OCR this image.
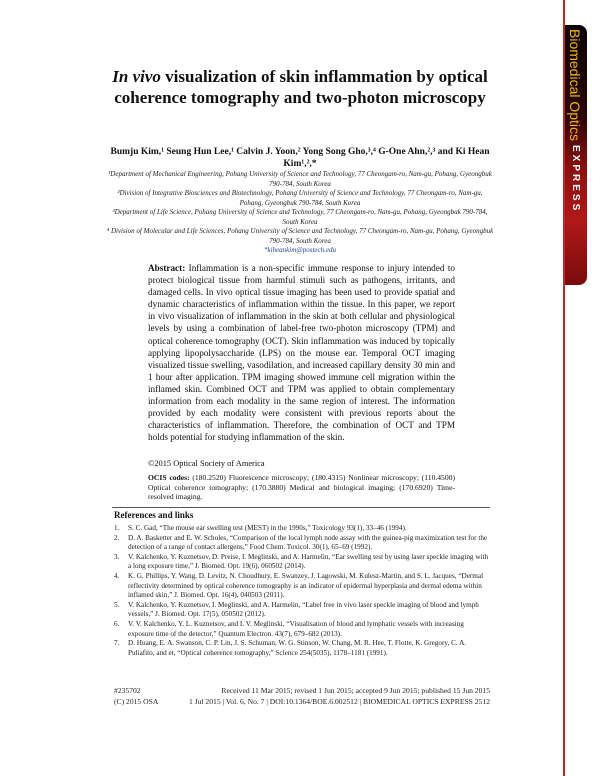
Biomedical OpticsEXPRESS
In vivo visualization of skin inflammation by optical coherence tomography and two-photon microscopy
Bumju Kim,¹ Seung Hun Lee,¹ Calvin J. Yoon,² Yong Song Gho,³,⁴ G-One Ahn,²,³ and Ki Hean Kim¹,²,*
¹Department of Mechanical Engineering, Pohang University of Science and Technology, 77 Cheongam-ro, Nam-gu, Pohang, Gyeongbuk 790-784, South Korea
²Division of Integrative Biosciences and Biotechnology, Pohang University of Science and Technology, 77 Cheongam-ro, Nam-gu, Pohang, Gyeongbuk 790-784, South Korea
³Department of Life Science, Pohang University of Science and Technology, 77 Cheongam-ro, Nam-gu, Pohang, Gyeongbuk 790-784, South Korea
⁴ Division of Molecular and Life Sciences, Pohang University of Science and Technology, 77 Cheongam-ro, Nam-gu, Pohang, Gyeongbuk 790-784, South Korea
*kiheankim@postech.edu
Abstract: Inflammation is a non-specific immune response to injury intended to protect biological tissue from harmful stimuli such as pathogens, irritants, and damaged cells. In vivo optical tissue imaging has been used to provide spatial and dynamic characteristics of inflammation within the tissue. In this paper, we report in vivo visualization of inflammation in the skin at both cellular and physiological levels by using a combination of label-free two-photon microscopy (TPM) and optical coherence tomography (OCT). Skin inflammation was induced by topically applying lipopolysaccharide (LPS) on the mouse ear. Temporal OCT imaging visualized tissue swelling, vasodilation, and increased capillary density 30 min and 1 hour after application. TPM imaging showed immune cell migration within the inflamed skin. Combined OCT and TPM was applied to obtain complementary information from each modality in the same region of interest. The information provided by each modality were consistent with previous reports about the characteristics of inflammation. Therefore, the combination of OCT and TPM holds potential for studying inflammation of the skin.
©2015 Optical Society of America
OCIS codes: (180.2520) Fluorescence microscopy; (180.4315) Nonlinear microscopy; (110.4500) Optical coherence tomography; (170.3880) Medical and biological imaging; (170.6920) Time-resolved imaging.
References and links
1. S. C. Gad, “The mouse ear swelling test (MEST) in the 1990s,” Toxicology 93(1), 33–46 (1994).
2. D. A. Basketter and E. W. Scholes, “Comparison of the local lymph node assay with the guinea-pig maximization test for the detection of a range of contact allergens,” Food Chem. Toxicol. 30(1), 65–69 (1992).
3. V. Kalchenko, Y. Kuznetsov, D. Preise, I. Meglinski, and A. Harmelin, “Ear swelling test by using laser speckle imaging with a long exposure time,” J. Biomed. Opt. 19(6), 060502 (2014).
4. K. G. Phillips, Y. Wang, D. Levitz, N. Choudhury, E. Swanzey, J. Lagowski, M. Kulesz-Martin, and S. L. Jacques, “Dermal reflectivity determined by optical coherence tomography is an indicator of epidermal hyperplasia and dermal edema within inflamed skin,” J. Biomed. Opt. 16(4), 040503 (2011).
5. V. Kalchenko, Y. Kuznetsov, I. Meglinski, and A. Harmelin, “Label free in vivo laser speckle imaging of blood and lymph vessels,” J. Biomed. Opt. 17(5), 050502 (2012).
6. V. V. Kalchenko, Y. L. Kuznetsov, and I. V. Meglinski, “Visualisation of blood and lymphatic vessels with increasing exposure time of the detector,” Quantum Electron. 43(7), 679–682 (2013).
7. D. Huang, E. A. Swanson, C. P. Lin, J. S. Schuman, W. G. Stinson, W. Chang, M. R. Hee, T. Flotte, K. Gregory, C. A. Puliafito, and et, “Optical coherence tomography,” Science 254(5035), 1178–1181 (1991).
#235702	Received 11 Mar 2015; revised 1 Jun 2015; accepted 9 Jun 2015; published 15 Jun 2015
(C) 2015 OSA	1 Jul 2015 | Vol. 6, No. 7 | DOI:10.1364/BOE.6.002512 | BIOMEDICAL OPTICS EXPRESS 2512
